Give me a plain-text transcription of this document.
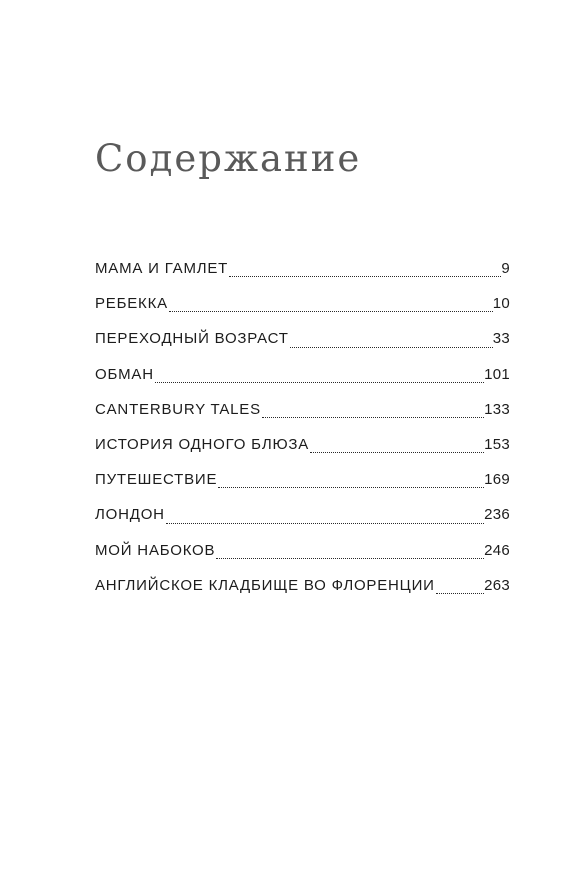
Содержание
МАМА И ГАМЛЕТ	9
РЕБЕККА	10
ПЕРЕХОДНЫЙ ВОЗРАСТ	33
ОБМАН	101
CANTERBURY TALES	133
ИСТОРИЯ ОДНОГО БЛЮЗА	153
ПУТЕШЕСТВИЕ	169
ЛОНДОН	236
МОЙ НАБОКОВ	246
АНГЛИЙСКОЕ КЛАДБИЩЕ ВО ФЛОРЕНЦИИ	263
